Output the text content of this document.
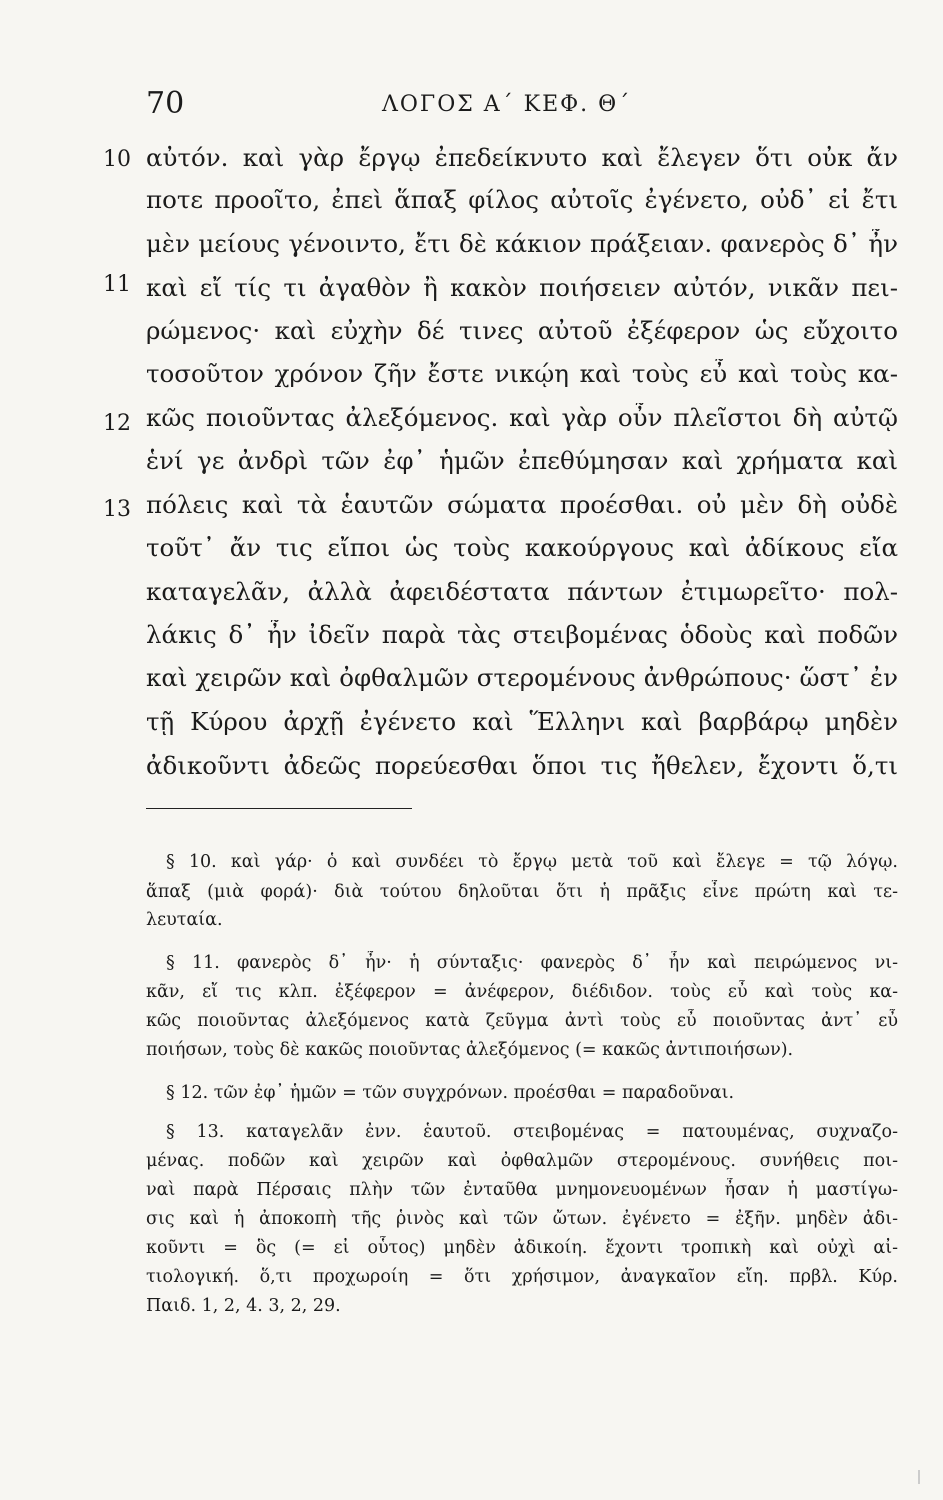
70	ΛΟΓΟΣ Α΄ ΚΕΦ. Θ΄
10
11
12
13
αὐτόν. καὶ γὰρ ἔργῳ ἐπεδείκνυτο καὶ ἔλεγεν ὅτι οὐκ ἄν
ποτε προοῖτο, ἐπεὶ ἅπαξ φίλος αὐτοῖς ἐγένετο, οὐδ᾽ εἰ ἔτι
μὲν μείους γένοιντο, ἔτι δὲ κάκιον πράξειαν. φανερὸς δ᾽ ἦν
καὶ εἴ τίς τι ἀγαθὸν ἢ κακὸν ποιήσειεν αὐτόν, νικᾶν πει-
ρώμενος· καὶ εὐχὴν δέ τινες αὐτοῦ ἐξέφερον ὡς εὔχοιτο
τοσοῦτον χρόνον ζῆν ἔστε νικῴη καὶ τοὺς εὖ καὶ τοὺς κα-
κῶς ποιοῦντας ἀλεξόμενος. καὶ γὰρ οὖν πλεῖστοι δὴ αὐτῷ
ἑνί γε ἀνδρὶ τῶν ἐφ᾽ ἡμῶν ἐπεθύμησαν καὶ χρήματα καὶ
πόλεις καὶ τὰ ἑαυτῶν σώματα προέσθαι. οὐ μὲν δὴ οὐδὲ
τοῦτ᾽ ἄν τις εἴποι ὡς τοὺς κακούργους καὶ ἀδίκους εἴα
καταγελᾶν, ἀλλὰ ἀφειδέστατα πάντων ἐτιμωρεῖτο· πολ-
λάκις δ᾽ ἦν ἰδεῖν παρὰ τὰς στειβομένας ὁδοὺς καὶ ποδῶν
καὶ χειρῶν καὶ ὀφθαλμῶν στερομένους ἀνθρώπους· ὥστ᾽ ἐν
τῇ Κύρου ἀρχῇ ἐγένετο καὶ Ἕλληνι καὶ βαρβάρῳ μηδὲν
ἀδικοῦντι ἀδεῶς πορεύεσθαι ὅποι τις ἤθελεν, ἔχοντι ὅ,τι
§ 10. καὶ γάρ· ὁ καὶ συνδέει τὸ ἔργῳ μετὰ τοῦ καὶ ἔλεγε = τῷ λόγῳ.
ἅπαξ (μιὰ φορά)· διὰ τούτου δηλοῦται ὅτι ἡ πρᾶξις εἶνε πρώτη καὶ τε-
λευταία.
§ 11. φανερὸς δ᾽ ἦν· ἡ σύνταξις· φανερὸς δ᾽ ἦν καὶ πειρώμενος νι-
κᾶν, εἴ τις κλπ. ἐξέφερον = ἀνέφερον, διέδιδον. τοὺς εὖ καὶ τοὺς κα-
κῶς ποιοῦντας ἀλεξόμενος κατὰ ζεῦγμα ἀντὶ τοὺς εὖ ποιοῦντας ἀντ᾽ εὖ
ποιήσων, τοὺς δὲ κακῶς ποιοῦντας ἀλεξόμενος (= κακῶς ἀντιποιήσων).
§ 12. τῶν ἐφ᾽ ἡμῶν = τῶν συγχρόνων. προέσθαι = παραδοῦναι.
§ 13. καταγελᾶν ἐνν. ἑαυτοῦ. στειβομένας = πατουμένας, συχναζο-
μένας. ποδῶν καὶ χειρῶν καὶ ὀφθαλμῶν στερομένους. συνήθεις ποι-
ναὶ παρὰ Πέρσαις πλὴν τῶν ἐνταῦθα μνημονευομένων ἦσαν ἡ μαστίγω-
σις καὶ ἡ ἀποκοπὴ τῆς ῥινὸς καὶ τῶν ὤτων. ἐγένετο = ἐξῆν. μηδὲν ἀδι-
κοῦντι = ὃς (= εἰ οὗτος) μηδὲν ἀδικοίη. ἔχοντι τροπικὴ καὶ οὐχὶ αἰ-
τιολογική. ὅ,τι προχωροίη = ὅτι χρήσιμον, ἀναγκαῖον εἴη. πρβλ. Κύρ.
Παιδ. 1, 2, 4. 3, 2, 29.
